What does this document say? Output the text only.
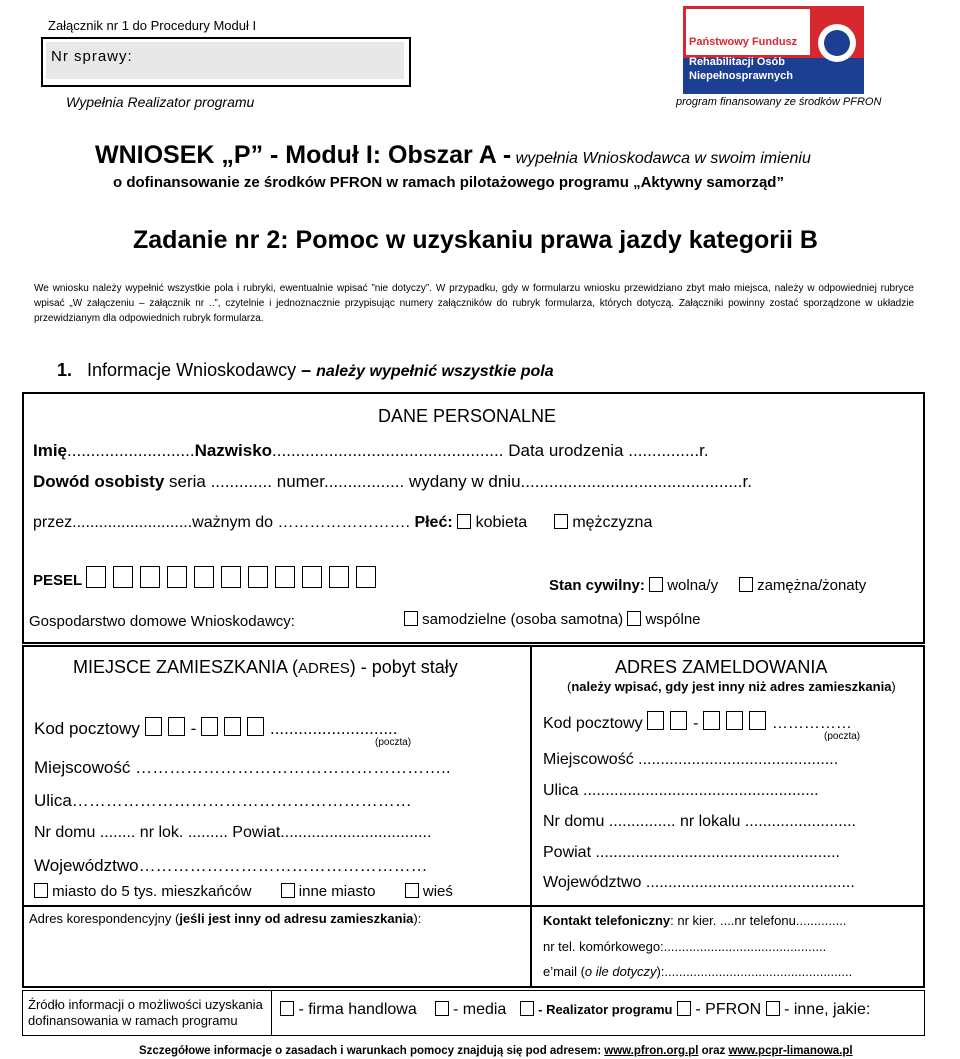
Załącznik nr 1 do Procedury Moduł I
Nr sprawy:
Wypełnia Realizator programu
Państwowy Fundusz
Rehabilitacji Osób
Niepełnosprawnych
program finansowany ze środków PFRON
WNIOSEK „P” - Moduł I: Obszar A - wypełnia Wnioskodawca w swoim imieniu
o dofinansowanie ze środków PFRON w ramach pilotażowego programu „Aktywny samorząd”
Zadanie nr 2: Pomoc w uzyskaniu prawa jazdy kategorii B
We wniosku należy wypełnić wszystkie pola i rubryki, ewentualnie wpisać ”nie dotyczy”. W przypadku, gdy w formularzu wniosku przewidziano zbyt mało miejsca, należy w odpowiedniej rubryce wpisać „W załączeniu – załącznik nr ..”, czytelnie i jednoznacznie przypisując numery załączników do rubryk formularza, których dotyczą. Załączniki powinny zostać sporządzone w układzie przewidzianym dla odpowiednich rubryk formularza.
1. Informacje Wnioskodawcy – należy wypełnić wszystkie pola
DANE PERSONALNE
Imię...........................Nazwisko................................................. Data urodzenia ...............r.
Dowód osobisty seria ............. numer................. wydany w dniu...............................................r.
przez...........................ważnym do ……………………. Płeć: kobieta	mężczyzna
PESEL	Stan cywilny: wolna/y	zamężna/żonaty
Gospodarstwo domowe Wnioskodawcy:	samodzielne (osoba samotna) wspólne
MIEJSCE ZAMIESZKANIA (ADRES) - pobyt stały
Kod pocztowy	-	...........................
(poczta)
Miejscowość ………………………………………………..
Ulica……………………………………………………
Nr domu ........ nr lok. ......... Powiat..................................
Województwo……………………………………………
miasto do 5 tys. mieszkańców	inne miasto	wieś
ADRES ZAMELDOWANIA
(należy wpisać, gdy jest inny niż adres zamieszkania)
Kod pocztowy	-	……………
(poczta)
Miejscowość .............................................
Ulica .....................................................
Nr domu ............... nr lokalu .........................
Powiat .......................................................
Województwo ...............................................
Adres korespondencyjny (jeśli jest inny od adresu zamieszkania):	Kontakt telefoniczny: nr kier. ....nr telefonu..............
nr tel. komórkowego:.............................................
e’mail (o ile dotyczy):....................................................
Źródło informacji o możliwości uzyskania dofinansowania w ramach programu
- firma handlowa - media - Realizator programu - PFRON - inne, jakie:
Szczegółowe informacje o zasadach i warunkach pomocy znajdują się pod adresem: www.pfron.org.pl oraz www.pcpr-limanowa.pl
